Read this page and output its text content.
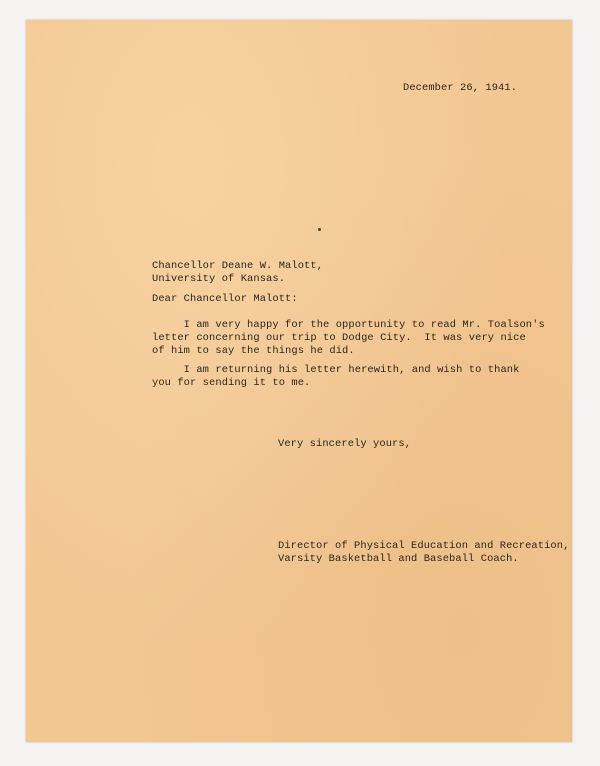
December 26, 1941.

Chancellor Deane W. Malott,
University of Kansas.

Dear Chancellor Malott:

I am very happy for the opportunity to read Mr. Toalson's
letter concerning our trip to Dodge City.  It was very nice
of him to say the things he did.
I am returning his letter herewith, and wish to thank
you for sending it to me.

Very sincerely yours,

Director of Physical Education and Recreation,
Varsity Basketball and Baseball Coach.
